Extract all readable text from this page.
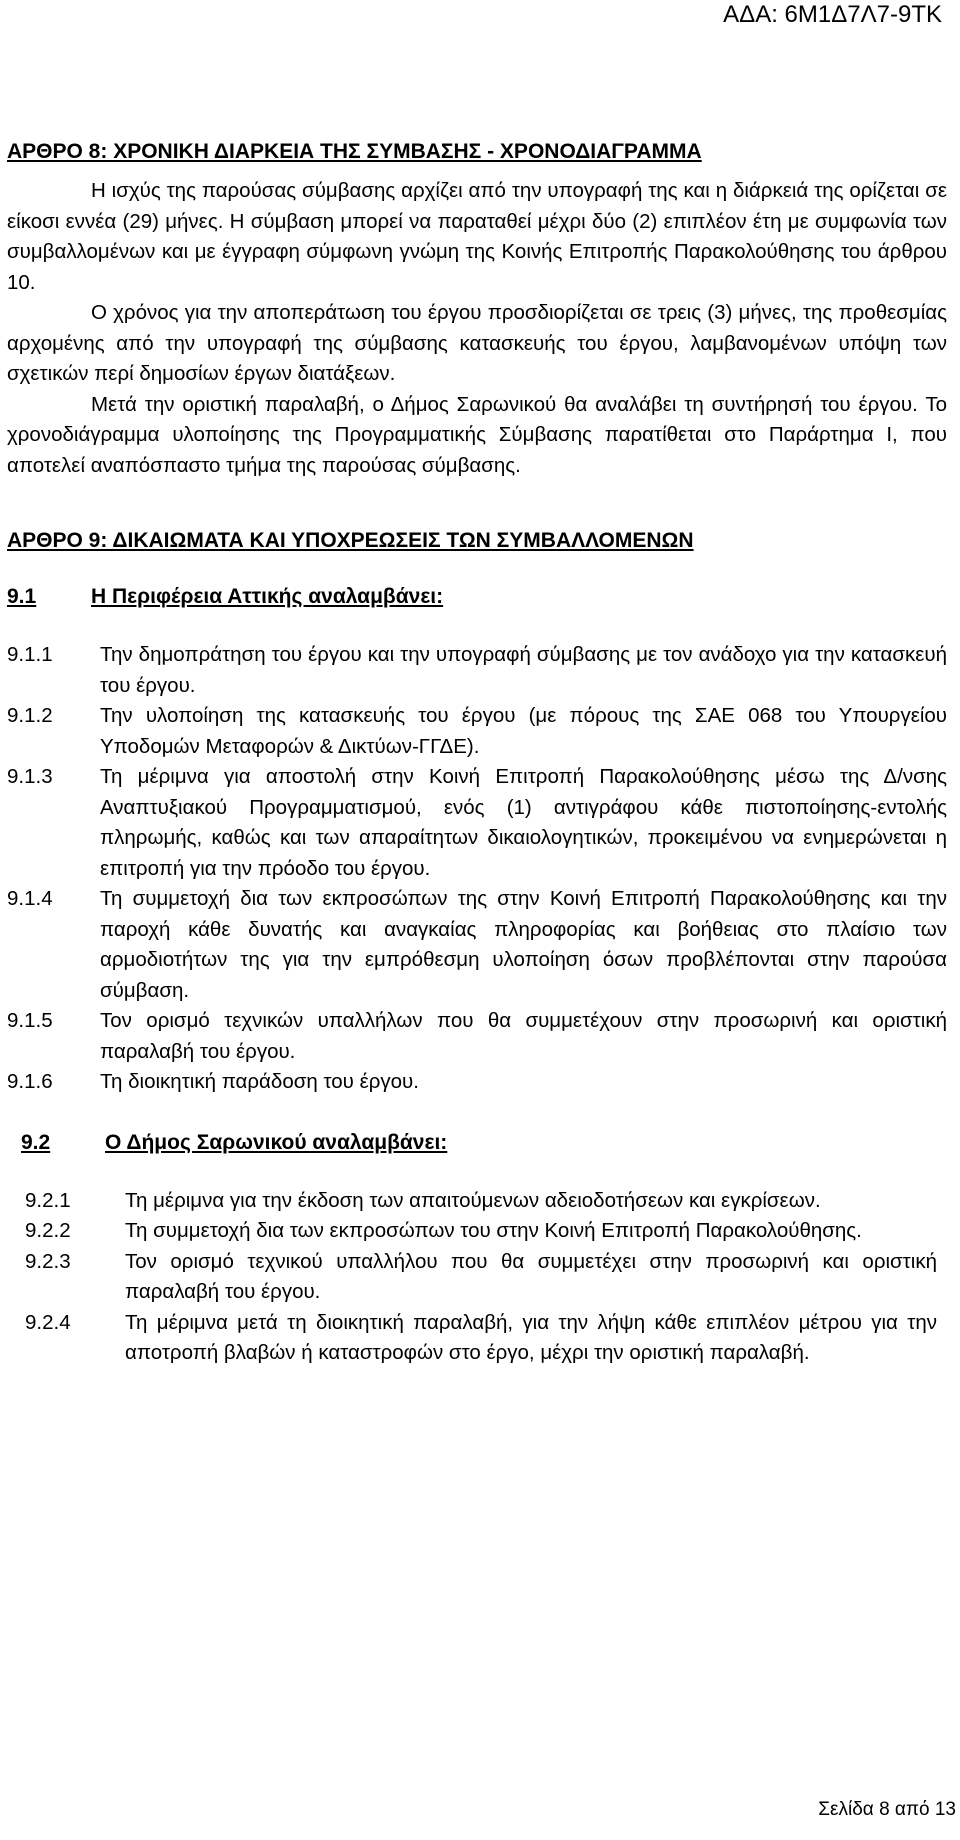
ΑΔΑ: 6Μ1Δ7Λ7-9ΤΚ
ΑΡΘΡΟ 8: ΧΡΟΝΙΚΗ ΔΙΑΡΚΕΙΑ ΤΗΣ ΣΥΜΒΑΣΗΣ - ΧΡΟΝΟΔΙΑΓΡΑΜΜΑ

Η ισχύς της παρούσας σύμβασης αρχίζει από την υπογραφή της και η διάρκειά της ορίζεται σε είκοσι εννέα (29) μήνες. Η σύμβαση μπορεί να παραταθεί μέχρι δύο (2) επιπλέον έτη με συμφωνία των συμβαλλομένων και με έγγραφη σύμφωνη γνώμη της Κοινής Επιτροπής Παρακολούθησης του άρθρου 10.

Ο χρόνος για την αποπεράτωση του έργου προσδιορίζεται σε τρεις (3) μήνες, της προθεσμίας αρχομένης από την υπογραφή της σύμβασης κατασκευής του έργου, λαμβανομένων υπόψη των σχετικών περί δημοσίων έργων διατάξεων.

Μετά την οριστική παραλαβή, ο Δήμος Σαρωνικού θα αναλάβει τη συντήρησή του έργου. Το χρονοδιάγραμμα υλοποίησης της Προγραμματικής Σύμβασης παρατίθεται στο Παράρτημα Ι, που αποτελεί αναπόσπαστο τμήμα της παρούσας σύμβασης.

ΑΡΘΡΟ 9: ΔΙΚΑΙΩΜΑΤΑ ΚΑΙ ΥΠΟΧΡΕΩΣΕΙΣ ΤΩΝ ΣΥΜΒΑΛΛΟΜΕΝΩΝ
9.1	Η Περιφέρεια Αττικής αναλαμβάνει:
9.1.1	Την δημοπράτηση του έργου και την υπογραφή σύμβασης με τον ανάδοχο για την κατασκευή του έργου.
9.1.2	Την υλοποίηση της κατασκευής του έργου (με πόρους της ΣΑΕ 068 του Υπουργείου Υποδομών Μεταφορών & Δικτύων-ΓΓΔΕ).
9.1.3	Τη μέριμνα για αποστολή στην Κοινή Επιτροπή Παρακολούθησης μέσω της Δ/νσης Αναπτυξιακού Προγραμματισμού, ενός (1) αντιγράφου κάθε πιστοποίησης-εντολής πληρωμής, καθώς και των απαραίτητων δικαιολογητικών, προκειμένου να ενημερώνεται η επιτροπή για την πρόοδο του έργου.
9.1.4	Τη συμμετοχή δια των εκπροσώπων της στην Κοινή Επιτροπή Παρακολούθησης και την παροχή κάθε δυνατής και αναγκαίας πληροφορίας και βοήθειας στο πλαίσιο των αρμοδιοτήτων της για την εμπρόθεσμη υλοποίηση όσων προβλέπονται στην παρούσα σύμβαση.
9.1.5	Τον ορισμό τεχνικών υπαλλήλων που θα συμμετέχουν στην προσωρινή και οριστική παραλαβή του έργου.
9.1.6	Τη διοικητική παράδοση του έργου.
9.2	Ο Δήμος Σαρωνικού αναλαμβάνει:
9.2.1	Τη μέριμνα για την έκδοση των απαιτούμενων αδειοδοτήσεων και εγκρίσεων.
9.2.2	Τη συμμετοχή δια των εκπροσώπων του στην Κοινή Επιτροπή Παρακολούθησης.
9.2.3	Τον ορισμό τεχνικού υπαλλήλου που θα συμμετέχει στην προσωρινή και οριστική παραλαβή του έργου.
9.2.4	Τη μέριμνα μετά τη διοικητική παραλαβή, για την λήψη κάθε επιπλέον μέτρου για την αποτροπή βλαβών ή καταστροφών στο έργο, μέχρι την οριστική παραλαβή.
Σελίδα 8 από 13
